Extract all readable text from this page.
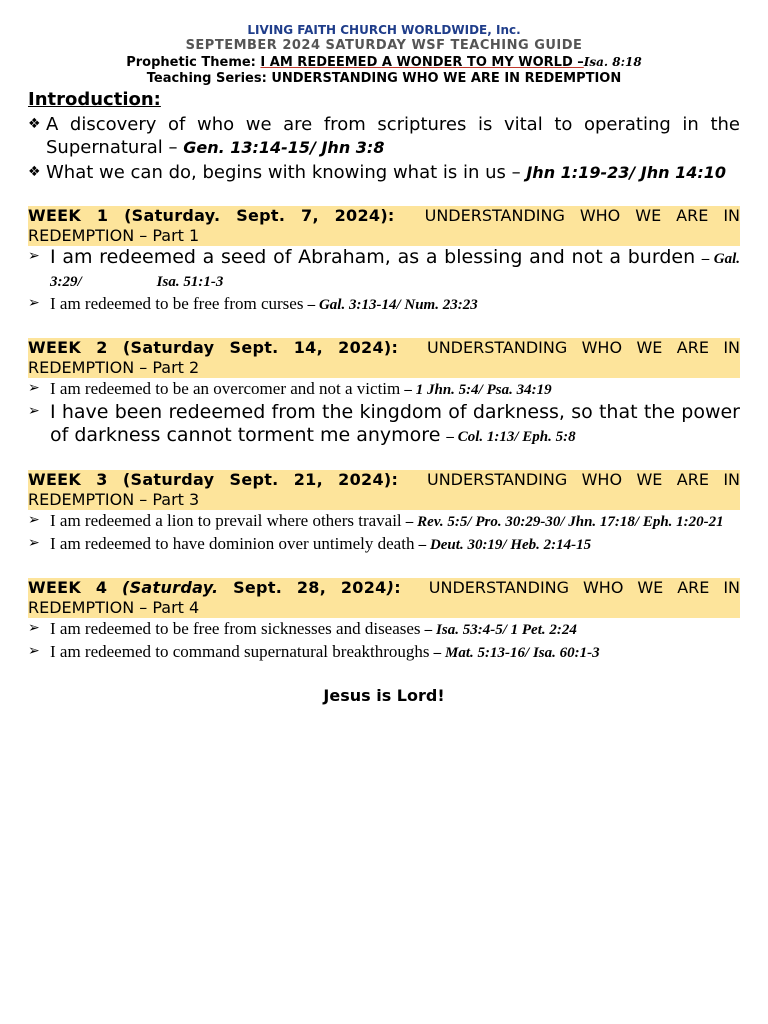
LIVING FAITH CHURCH WORLDWIDE, Inc.
SEPTEMBER 2024 SATURDAY WSF TEACHING GUIDE
Prophetic Theme: I AM REDEEMED A WONDER TO MY WORLD –Isa. 8:18
Teaching Series: UNDERSTANDING WHO WE ARE IN REDEMPTION
Introduction:
❖ A discovery of who we are from scriptures is vital to operating in the Supernatural – Gen. 13:14-15/ Jhn 3:8
❖ What we can do, begins with knowing what is in us – Jhn 1:19-23/ Jhn 14:10
WEEK 1 (Saturday. Sept. 7, 2024): UNDERSTANDING WHO WE ARE IN REDEMPTION – Part 1
➢ I am redeemed a seed of Abraham, as a blessing and not a burden – Gal. 3:29/                    Isa. 51:1-3
➢ I am redeemed to be free from curses – Gal. 3:13-14/ Num. 23:23
WEEK 2 (Saturday Sept. 14, 2024): UNDERSTANDING WHO WE ARE IN REDEMPTION – Part 2
➢ I am redeemed to be an overcomer and not a victim – 1 Jhn. 5:4/ Psa. 34:19
➢ I have been redeemed from the kingdom of darkness, so that the power of darkness cannot torment me anymore – Col. 1:13/ Eph. 5:8
WEEK 3 (Saturday Sept. 21, 2024): UNDERSTANDING WHO WE ARE IN REDEMPTION – Part 3
➢ I am redeemed a lion to prevail where others travail – Rev. 5:5/ Pro. 30:29-30/ Jhn. 17:18/ Eph. 1:20-21
➢ I am redeemed to have dominion over untimely death – Deut. 30:19/ Heb. 2:14-15
WEEK 4 (Saturday. Sept. 28, 2024): UNDERSTANDING WHO WE ARE IN REDEMPTION – Part 4
➢ I am redeemed to be free from sicknesses and diseases – Isa. 53:4-5/ 1 Pet. 2:24
➢ I am redeemed to command supernatural breakthroughs – Mat. 5:13-16/ Isa. 60:1-3
Jesus is Lord!
